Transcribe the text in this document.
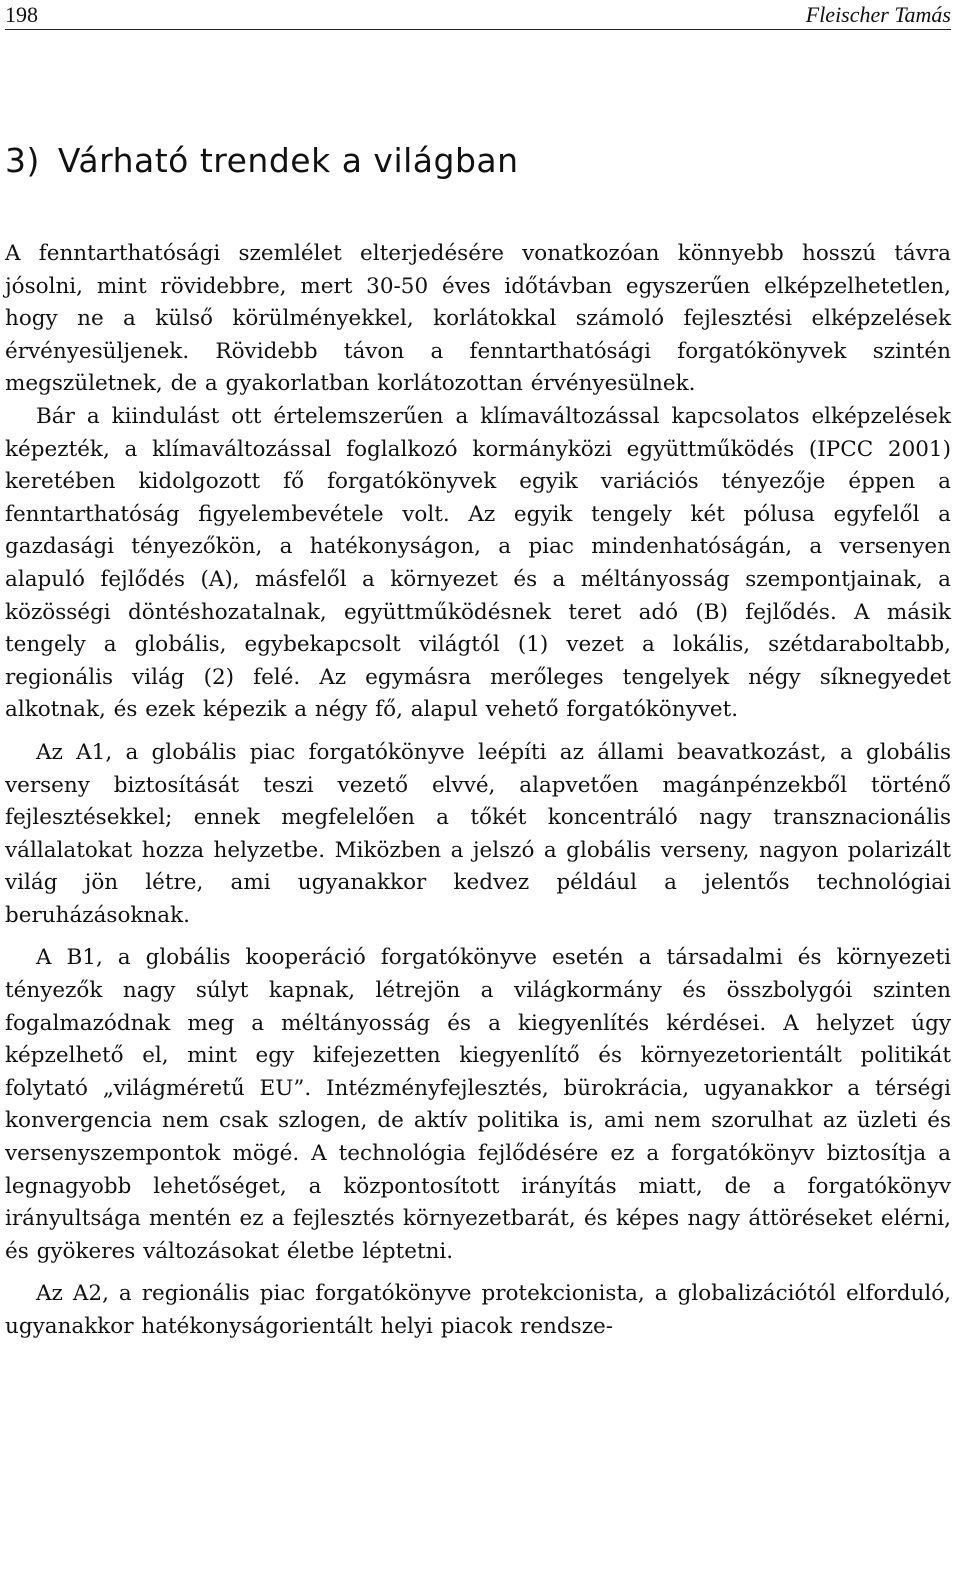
198	Fleischer Tamás
3) Várható trendek a világban

A fenntarthatósági szemlélet elterjedésére vonatkozóan könnyebb hosszú távra jósolni, mint rövidebbre, mert 30-50 éves időtávban egyszerűen elképzelhetetlen, hogy ne a külső körülményekkel, korlátokkal számoló fejlesztési elképzelések érvényesüljenek. Rövidebb távon a fenntarthatósági forgatókönyvek szintén megszületnek, de a gyakorlatban korlátozottan érvényesülnek.

Bár a kiindulást ott értelemszerűen a klímaváltozással kapcsolatos elképzelések képezték, a klímaváltozással foglalkozó kormányközi együttműködés (IPCC 2001) keretében kidolgozott fő forgatókönyvek egyik variációs tényezője éppen a fenntarthatóság figyelembevétele volt. Az egyik tengely két pólusa egyfelől a gazdasági tényezőkön, a hatékonyságon, a piac mindenhatóságán, a versenyen alapuló fejlődés (A), másfelől a környezet és a méltányosság szempontjainak, a közösségi döntéshozatalnak, együttműködésnek teret adó (B) fejlődés. A másik tengely a globális, egybekapcsolt világtól (1) vezet a lokális, szétdaraboltabb, regionális világ (2) felé. Az egymásra merőleges tengelyek négy síknegyedet alkotnak, és ezek képezik a négy fő, alapul vehető forgatókönyvet.

Az A1, a globális piac forgatókönyve leépíti az állami beavatkozást, a globális verseny biztosítását teszi vezető elvvé, alapvetően magánpénzekből történő fejlesztésekkel; ennek megfelelően a tőkét koncentráló nagy transznacionális vállalatokat hozza helyzetbe. Miközben a jelszó a globális verseny, nagyon polarizált világ jön létre, ami ugyanakkor kedvez például a jelentős technológiai beruházásoknak.

A B1, a globális kooperáció forgatókönyve esetén a társadalmi és környezeti tényezők nagy súlyt kapnak, létrejön a világkormány és összbolygói szinten fogalmazódnak meg a méltányosság és a kiegyenlítés kérdései. A helyzet úgy képzelhető el, mint egy kifejezetten kiegyenlítő és környezetorientált politikát folytató „világméretű EU”. Intézményfejlesztés, bürokrácia, ugyanakkor a térségi konvergencia nem csak szlogen, de aktív politika is, ami nem szorulhat az üzleti és versenyszempontok mögé. A technológia fejlődésére ez a forgatókönyv biztosítja a legnagyobb lehetőséget, a központosított irányítás miatt, de a forgatókönyv irányultsága mentén ez a fejlesztés környezetbarát, és képes nagy áttöréseket elérni, és gyökeres változásokat életbe léptetni.

Az A2, a regionális piac forgatókönyve protekcionista, a globalizációtól elforduló, ugyanakkor hatékonyságorientált helyi piacok rendsze-
